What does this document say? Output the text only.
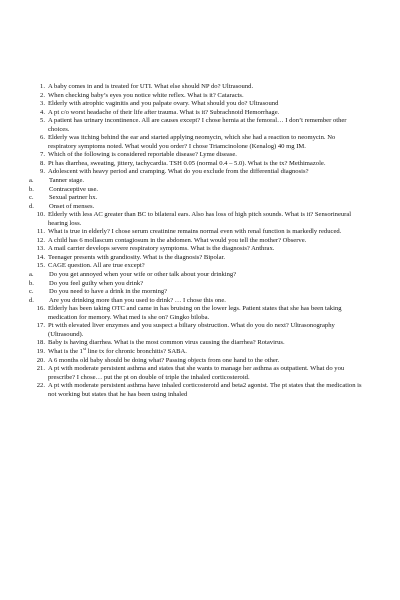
1. A baby comes in and is treated for UTI. What else should NP do? Ultrasound.
2. When checking baby’s eyes you notice white reflex. What is it? Cataracts.
3. Elderly with atrophic vaginitis and you palpate ovary. What should you do? Ultrasound
4. A pt c/o worst headache of their life after trauma. What is it? Subrachnoid Hemorrhage.
5. A patient has urinary incontinence. All are causes except? I chose hernia at the femoral… I don’t remember other choices.
6. Elderly was itching behind the ear and started applying neomycin, which she had a reaction to neomycin. No respiratory symptoms noted. What would you order? I chose Triamcinolone (Kenalog) 40 mg IM.
7. Which of the following is considered reportable disease? Lyme disease.
8. Pt has diarrhea, sweating, jittery, tachycardia. TSH 0.05 (normal 0.4 – 5.0). What is the tx? Methimazole.
9. Adolescent with heavy period and cramping. What do you exclude from the differential diagnosis?
a.	Tanner stage.
b.	Contraceptive use.
c.	Sexual partner hx.
d.	Onset of menses.
10. Elderly with less AC greater than BC to bilateral ears. Also has loss of high pitch sounds. What is it? Sensorineural hearing loss.
11. What is true in elderly? I chose serum creatinine remains normal even with renal function is markedly reduced.
12. A child has 6 mollascum contagiosum in the abdomen. What would you tell the mother? Observe.
13. A mail carrier develops severe respiratory symptoms. What is the diagnosis? Anthrax.
14. Teenager presents with grandiosity. What is the diagnosis? Bipolar.
15. CAGE question. All are true except?
a.	Do you get annoyed when your wife or other talk about your drinking?
b.	Do you feel guilty when you drink?
c.	Do you need to have a drink in the morning?
d.	Are you drinking more than you used to drink? … I chose this one.
16. Elderly has been taking OTC and came in has bruising on the lower legs. Patient states that she has been taking medication for memory. What med is she on? Gingko biloba.
17. Pt with elevated liver enzymes and you suspect a biliary obstruction. What do you do next? Ultrasonography (Ultrasound).
18. Baby is having diarrhea. What is the most common virus causing the diarrhea? Rotavirus.
19. What is the 1st line tx for chronic bronchitis? SABA.
20. A 6 months old baby should be doing what? Passing objects from one hand to the other.
21. A pt with moderate persistent asthma and states that she wants to manage her asthma as outpatient. What do you prescribe? I chose… put the pt on double of triple the inhaled corticosteroid.
22. A pt with moderate persistent asthma have inhaled corticosteroid and beta2 agonist. The pt states that the medication is not working but states that he has been using inhaled
